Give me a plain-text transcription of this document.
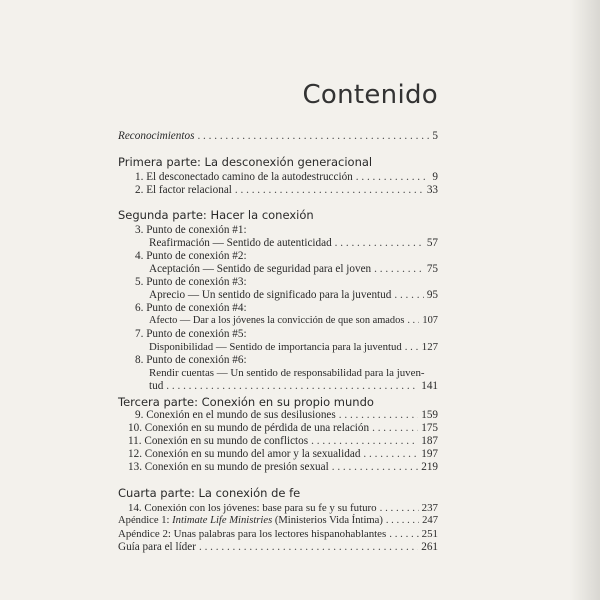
Contenido
Reconocimientos . . .	5
Primera parte: La desconexión generacional
1. El desconectado camino de la autodestrucción . . .	9
2. El factor relacional . . .	33
Segunda parte: Hacer la conexión
3. Punto de conexión #1:
Reafirmación — Sentido de autenticidad . . .	57
4. Punto de conexión #2:
Aceptación — Sentido de seguridad para el joven . . .	75
5. Punto de conexión #3:
Aprecio — Un sentido de significado para la juventud . . .	95
6. Punto de conexión #4:
Afecto — Dar a los jóvenes la convicción de que son amados . . . 107
7. Punto de conexión #5:
Disponibilidad — Sentido de importancia para la juventud . . . 127
8. Punto de conexión #6:
Rendir cuentas — Un sentido de responsabilidad para la juven-
tud . . .	141
Tercera parte: Conexión en su propio mundo
9. Conexión en el mundo de sus desilusiones . . .	159
10. Conexión en su mundo de pérdida de una relación . . .	175
11. Conexión en su mundo de conflictos . . .	187
12. Conexión en su mundo del amor y la sexualidad . . .	197
13. Conexión en su mundo de presión sexual . . .	219
Cuarta parte: La conexión de fe
14. Conexión con los jóvenes: base para su fe y su futuro . . .	237
Apéndice 1: Intimate Life Ministries (Ministerios Vida Íntima) . . .	247
Apéndice 2: Unas palabras para los lectores hispanohablantes . . .	251
Guía para el líder . . .	261
